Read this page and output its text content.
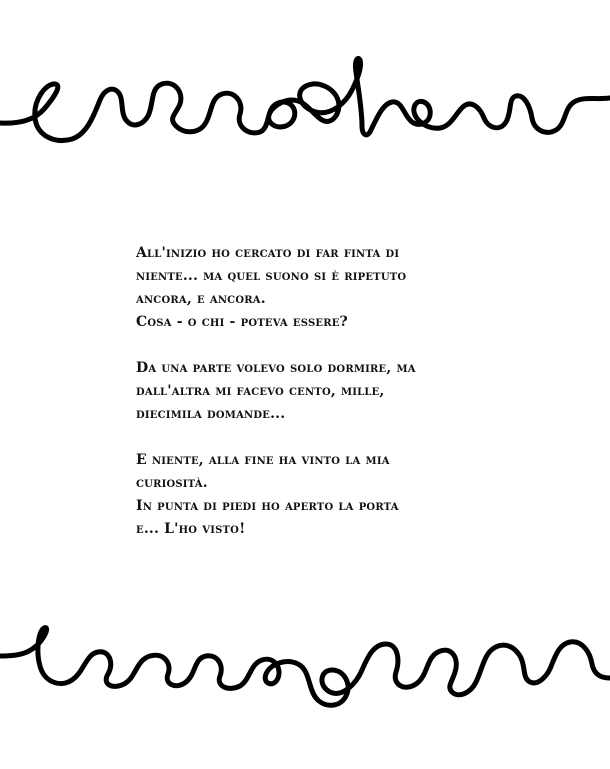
All'inizio ho cercato di far finta di
niente... ma quel suono si è ripetuto
ancora, e ancora.
Cosa - o chi - poteva essere?

Da una parte volevo solo dormire, ma
dall'altra mi facevo cento, mille,
diecimila domande...

E niente, alla fine ha vinto la mia
curiosità.
In punta di piedi ho aperto la porta
e... L'ho visto!
